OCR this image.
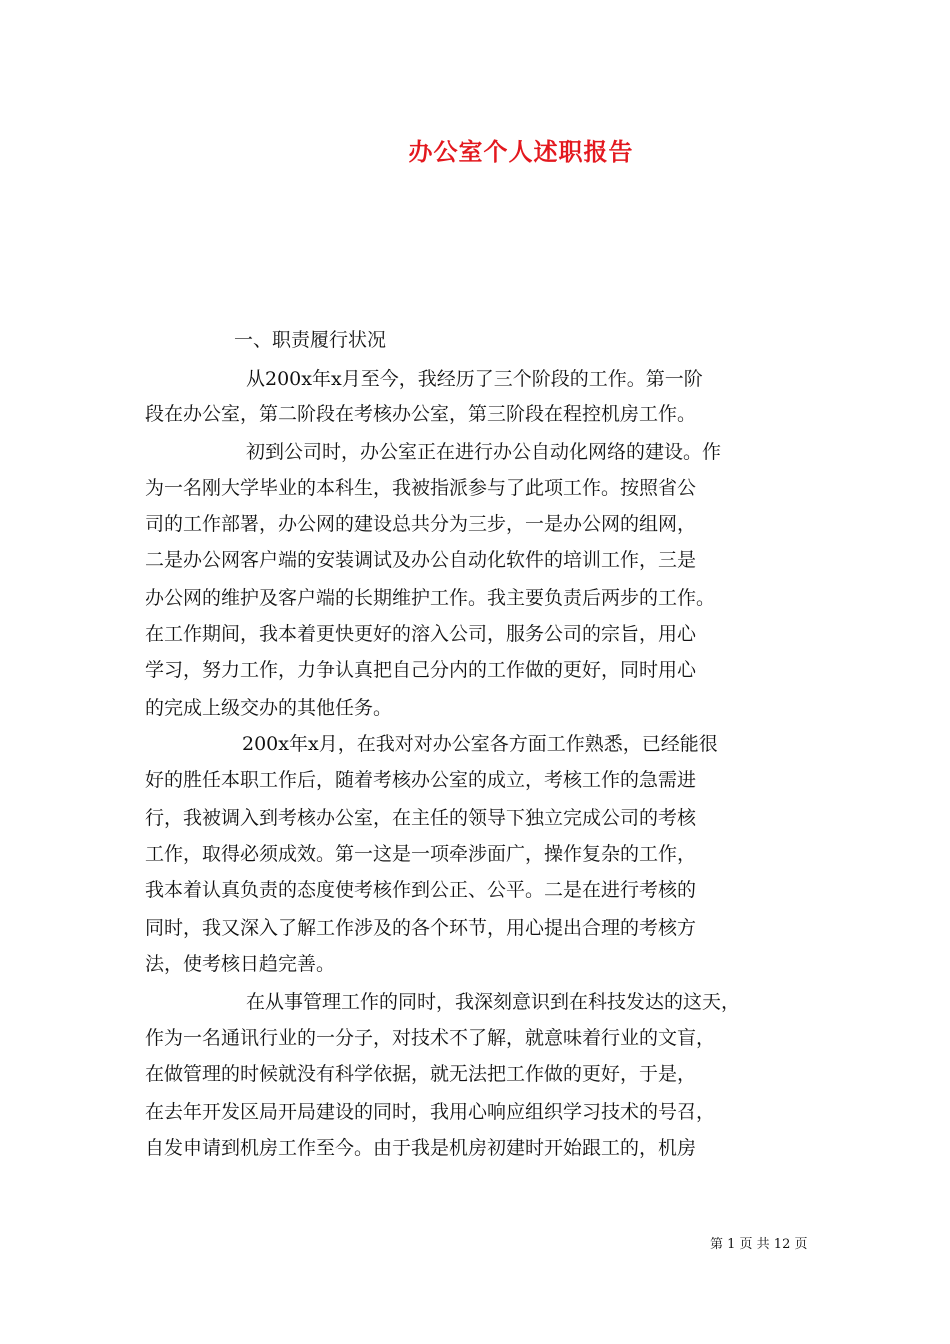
办公室个人述职报告
一、职责履行状况
从200x年x月至今，我经历了三个阶段的工作。第一阶
段在办公室，第二阶段在考核办公室，第三阶段在程控机房工作。
初到公司时，办公室正在进行办公自动化网络的建设。作
为一名刚大学毕业的本科生，我被指派参与了此项工作。按照省公
司的工作部署，办公网的建设总共分为三步，一是办公网的组网，
二是办公网客户端的安装调试及办公自动化软件的培训工作，三是
办公网的维护及客户端的长期维护工作。我主要负责后两步的工作。
在工作期间，我本着更快更好的溶入公司，服务公司的宗旨，用心
学习，努力工作，力争认真把自己分内的工作做的更好，同时用心
的完成上级交办的其他任务。
200x年x月，在我对对办公室各方面工作熟悉，已经能很
好的胜任本职工作后，随着考核办公室的成立，考核工作的急需进
行，我被调入到考核办公室，在主任的领导下独立完成公司的考核
工作，取得必须成效。第一这是一项牵涉面广，操作复杂的工作，
我本着认真负责的态度使考核作到公正、公平。二是在进行考核的
同时，我又深入了解工作涉及的各个环节，用心提出合理的考核方
法，使考核日趋完善。
在从事管理工作的同时，我深刻意识到在科技发达的这天，
作为一名通讯行业的一分子，对技术不了解，就意味着行业的文盲，
在做管理的时候就没有科学依据，就无法把工作做的更好，于是，
在去年开发区局开局建设的同时，我用心响应组织学习技术的号召，
自发申请到机房工作至今。由于我是机房初建时开始跟工的，机房
第 1 页 共 12 页
